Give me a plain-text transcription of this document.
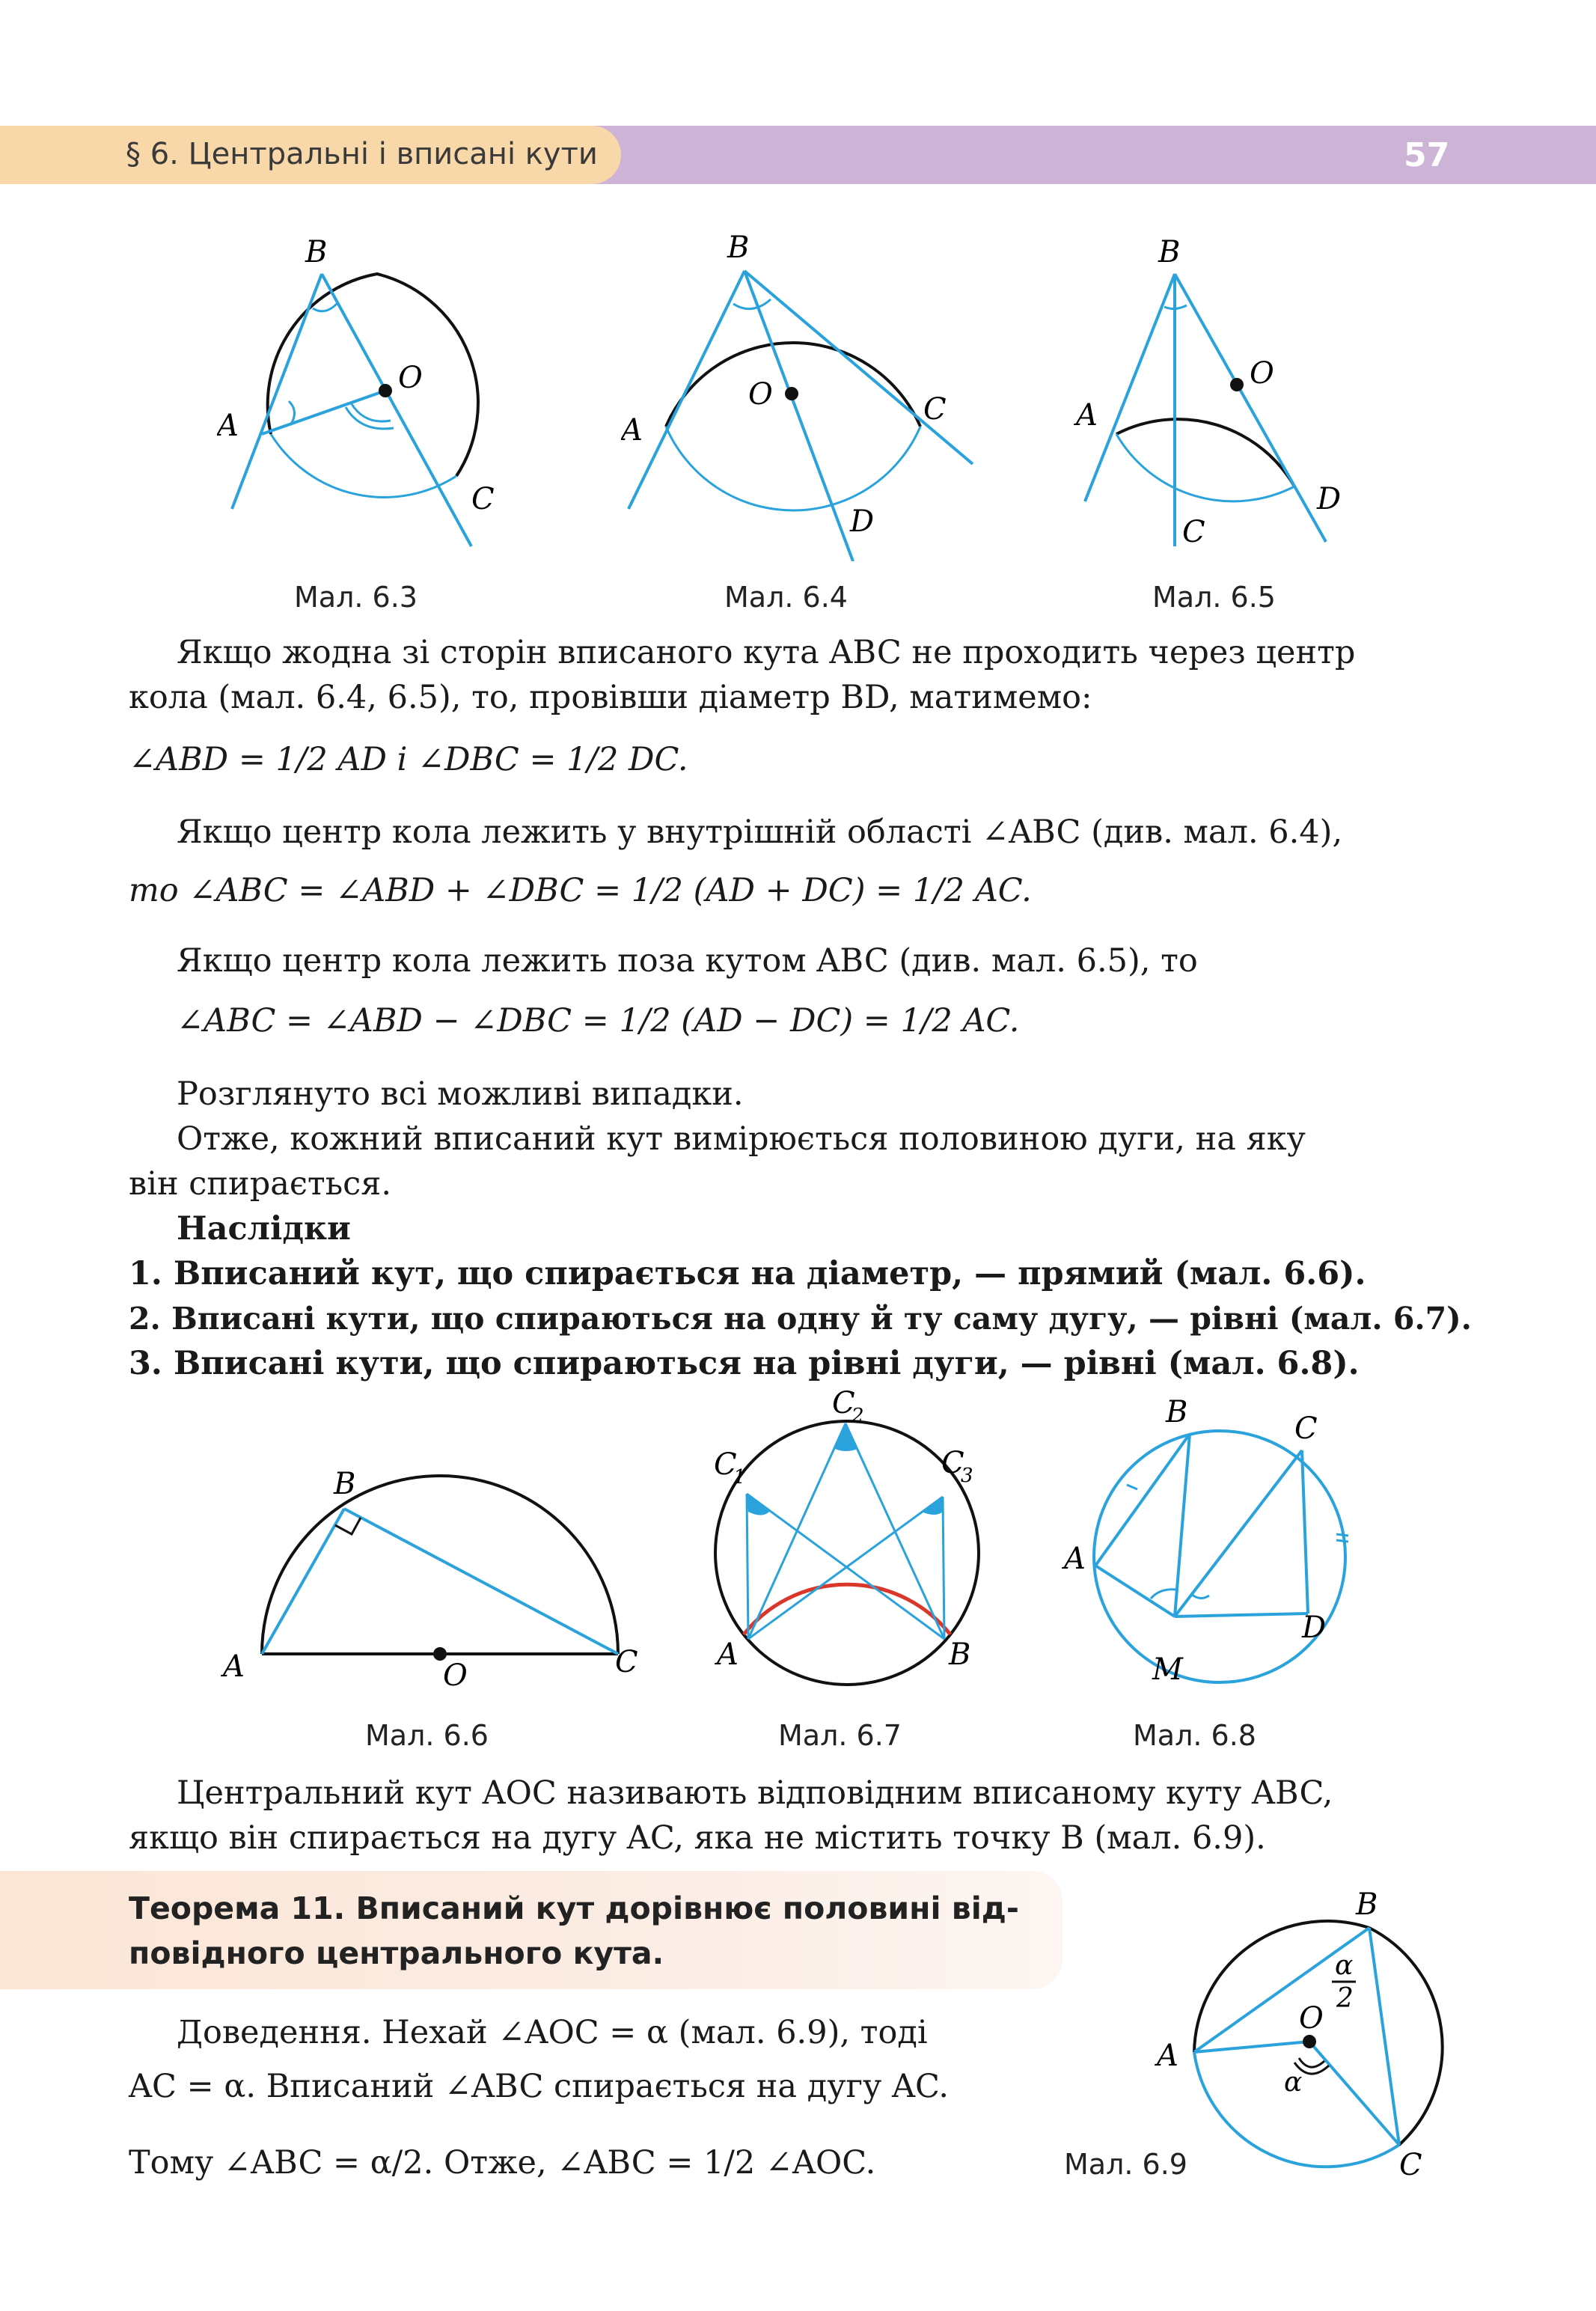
§ 6. Центральні і вписані кути	57
B
O
A
C
Мал. 6.3
B
O
A
C
D
Мал. 6.4
B
O
A
C
D
Мал. 6.5
Якщо жодна зі сторін вписаного кута ABC не проходить через центр
кола (мал. 6.4, 6.5), то, провівши діаметр BD, матимемо:
∠ABD = 1/2 AD і ∠DBC = 1/2 DC.
Якщо центр кола лежить у внутрішній області ∠ABC (див. мал. 6.4),
то ∠ABC = ∠ABD + ∠DBC = 1/2 (AD + DC) = 1/2 AC.
Якщо центр кола лежить поза кутом ABC (див. мал. 6.5), то
∠ABC = ∠ABD − ∠DBC = 1/2 (AD − DC) = 1/2 AC.
Розглянуто всі можливі випадки.
Отже, кожний вписаний кут вимірюється половиною дуги, на яку
він спирається.
Наслідки
1. Вписаний кут, що спирається на діаметр, — прямий (мал. 6.6).
2. Вписані кути, що спираються на одну й ту саму дугу, — рівні (мал. 6.7).
3. Вписані кути, що спираються на рівні дуги, — рівні (мал. 6.8).
B
A	O	C
Мал. 6.6
C
2
C
1	C
3
A	B
Мал. 6.7
B	C
A
D
M
Мал. 6.8
Центральний кут AOC називають відповідним вписаному куту ABC,
якщо він спирається на дугу AC, яка не містить точку B (мал. 6.9).
Теорема 11. Вписаний кут дорівнює половині від-
повідного центрального кута.
Доведення. Нехай ∠AOC = α (мал. 6.9), тоді
AC = α. Вписаний ∠ABC спирається на дугу AC.
Тому ∠ABC = α/2. Отже, ∠ABC = 1/2 ∠AOC.
B
α
2
O
A
α
C
Мал. 6.9
